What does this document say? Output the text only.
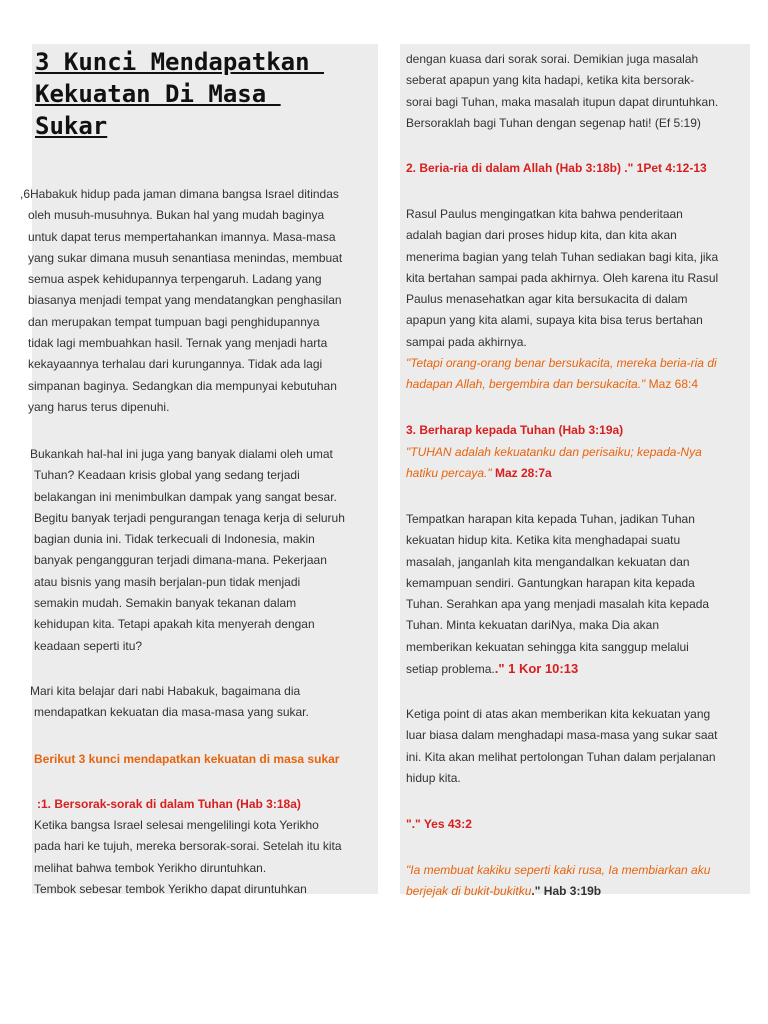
3 Kunci Mendapatkan
Kekuatan Di Masa
Sukar
,6Habakuk hidup pada jaman dimana bangsa Israel ditindas
oleh musuh-musuhnya. Bukan hal yang mudah baginya
untuk dapat terus mempertahankan imannya. Masa-masa
yang sukar dimana musuh senantiasa menindas, membuat
semua aspek kehidupannya terpengaruh. Ladang yang
biasanya menjadi tempat yang mendatangkan penghasilan
dan merupakan tempat tumpuan bagi penghidupannya
tidak lagi membuahkan hasil. Ternak yang menjadi harta
kekayaannya terhalau dari kurungannya. Tidak ada lagi
simpanan baginya. Sedangkan dia mempunyai kebutuhan
yang harus terus dipenuhi.
Bukankah hal-hal ini juga yang banyak dialami oleh umat
Tuhan? Keadaan krisis global yang sedang terjadi
belakangan ini menimbulkan dampak yang sangat besar.
Begitu banyak terjadi pengurangan tenaga kerja di seluruh
bagian dunia ini. Tidak terkecuali di Indonesia, makin
banyak pengangguran terjadi dimana-mana. Pekerjaan
atau bisnis yang masih berjalan-pun tidak menjadi
semakin mudah. Semakin banyak tekanan dalam
kehidupan kita. Tetapi apakah kita menyerah dengan
keadaan seperti itu?
Mari kita belajar dari nabi Habakuk, bagaimana dia
mendapatkan kekuatan dia masa-masa yang sukar.
Berikut 3 kunci mendapatkan kekuatan di masa sukar
:1. Bersorak-sorak di dalam Tuhan (Hab 3:18a)
Ketika bangsa Israel selesai mengelilingi kota Yerikho
pada hari ke tujuh, mereka bersorak-sorai. Setelah itu kita
melihat bahwa tembok Yerikho diruntuhkan.
Tembok sebesar tembok Yerikho dapat diruntuhkan
dengan kuasa dari sorak sorai. Demikian juga masalah
seberat apapun yang kita hadapi, ketika kita bersorak-
sorai bagi Tuhan, maka masalah itupun dapat diruntuhkan.
Bersoraklah bagi Tuhan dengan segenap hati! (Ef 5:19)
2. Beria-ria di dalam Allah (Hab 3:18b) ." 1Pet 4:12-13
Rasul Paulus mengingatkan kita bahwa penderitaan
adalah bagian dari proses hidup kita, dan kita akan
menerima bagian yang telah Tuhan sediakan bagi kita, jika
kita bertahan sampai pada akhirnya. Oleh karena itu Rasul
Paulus menasehatkan agar kita bersukacita di dalam
apapun yang kita alami, supaya kita bisa terus bertahan
sampai pada akhirnya.
"Tetapi orang-orang benar bersukacita, mereka beria-ria di
hadapan Allah, bergembira dan bersukacita." Maz 68:4
3. Berharap kepada Tuhan (Hab 3:19a)
"TUHAN adalah kekuatanku dan perisaiku; kepada-Nya
hatiku percaya." Maz 28:7a
Tempatkan harapan kita kepada Tuhan, jadikan Tuhan
kekuatan hidup kita. Ketika kita menghadapai suatu
masalah, janganlah kita mengandalkan kekuatan dan
kemampuan sendiri. Gantungkan harapan kita kepada
Tuhan. Serahkan apa yang menjadi masalah kita kepada
Tuhan. Minta kekuatan dariNya, maka Dia akan
memberikan kekuatan sehingga kita sanggup melalui
setiap problema.." 1 Kor 10:13
Ketiga point di atas akan memberikan kita kekuatan yang
luar biasa dalam menghadapi masa-masa yang sukar saat
ini. Kita akan melihat pertolongan Tuhan dalam perjalanan
hidup kita.
"." Yes 43:2
"Ia membuat kakiku seperti kaki rusa, Ia membiarkan aku
berjejak di bukit-bukitku." Hab 3:19b
